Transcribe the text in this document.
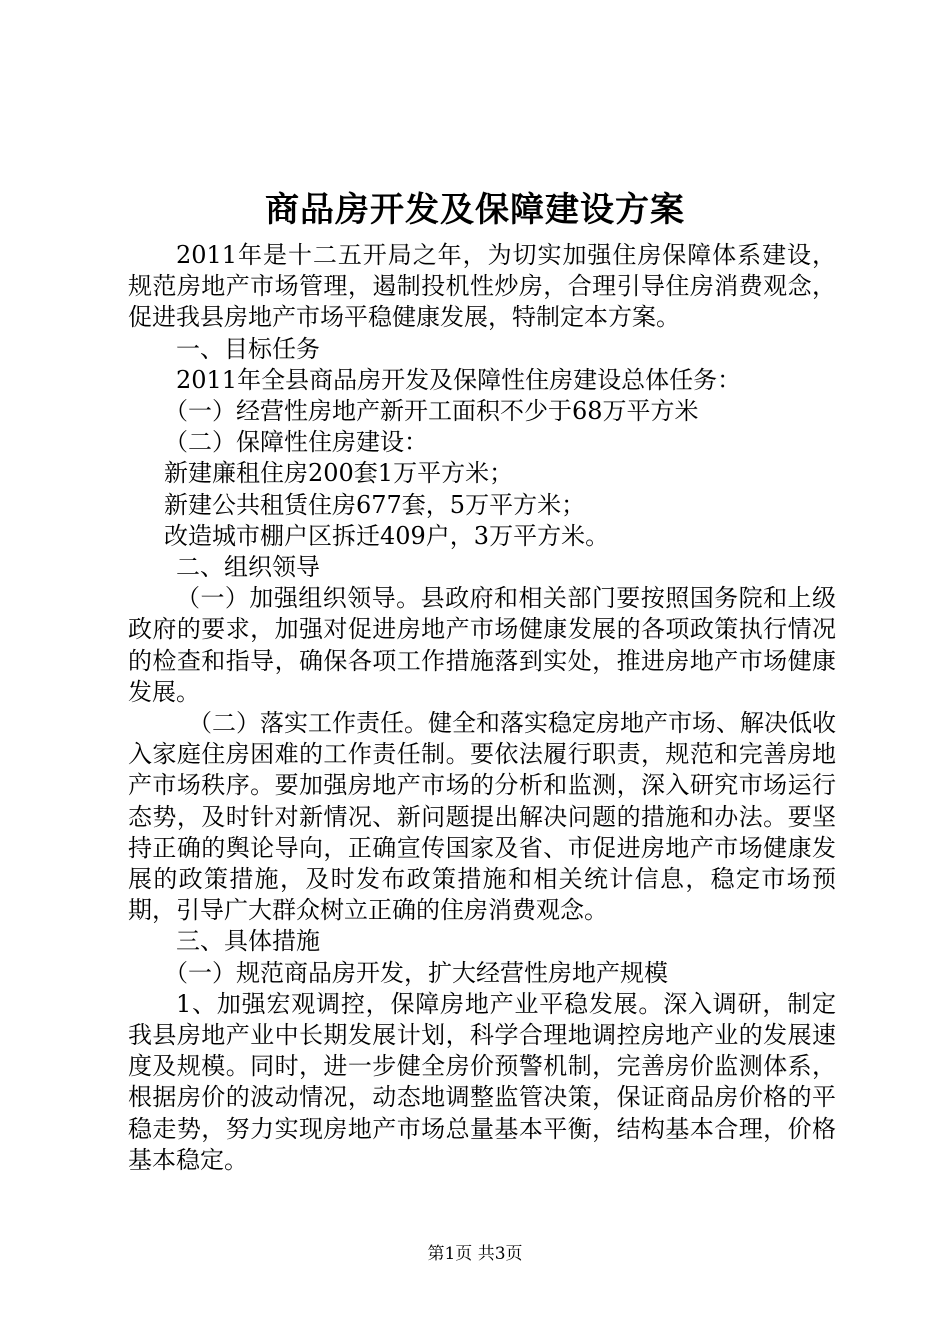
商品房开发及保障建设方案

2011年是十二五开局之年，为切实加强住房保障体系建设，规范房地产市场管理，遏制投机性炒房，合理引导住房消费观念，促进我县房地产市场平稳健康发展，特制定本方案。

一、目标任务

2011年全县商品房开发及保障性住房建设总体任务：

（一）经营性房地产新开工面积不少于68万平方米

（二）保障性住房建设：

新建廉租住房200套1万平方米；

新建公共租赁住房677套，5万平方米；

改造城市棚户区拆迁409户，3万平方米。

二、组织领导

（一）加强组织领导。县政府和相关部门要按照国务院和上级政府的要求，加强对促进房地产市场健康发展的各项政策执行情况的检查和指导，确保各项工作措施落到实处，推进房地产市场健康发展。

（二）落实工作责任。健全和落实稳定房地产市场、解决低收入家庭住房困难的工作责任制。要依法履行职责，规范和完善房地产市场秩序。要加强房地产市场的分析和监测，深入研究市场运行态势，及时针对新情况、新问题提出解决问题的措施和办法。要坚持正确的舆论导向，正确宣传国家及省、市促进房地产市场健康发展的政策措施，及时发布政策措施和相关统计信息，稳定市场预期，引导广大群众树立正确的住房消费观念。

三、具体措施

（一）规范商品房开发，扩大经营性房地产规模

1、加强宏观调控，保障房地产业平稳发展。深入调研，制定我县房地产业中长期发展计划，科学合理地调控房地产业的发展速度及规模。同时，进一步健全房价预警机制，完善房价监测体系，根据房价的波动情况，动态地调整监管决策，保证商品房价格的平稳走势，努力实现房地产市场总量基本平衡，结构基本合理，价格基本稳定。

第1页 共3页
